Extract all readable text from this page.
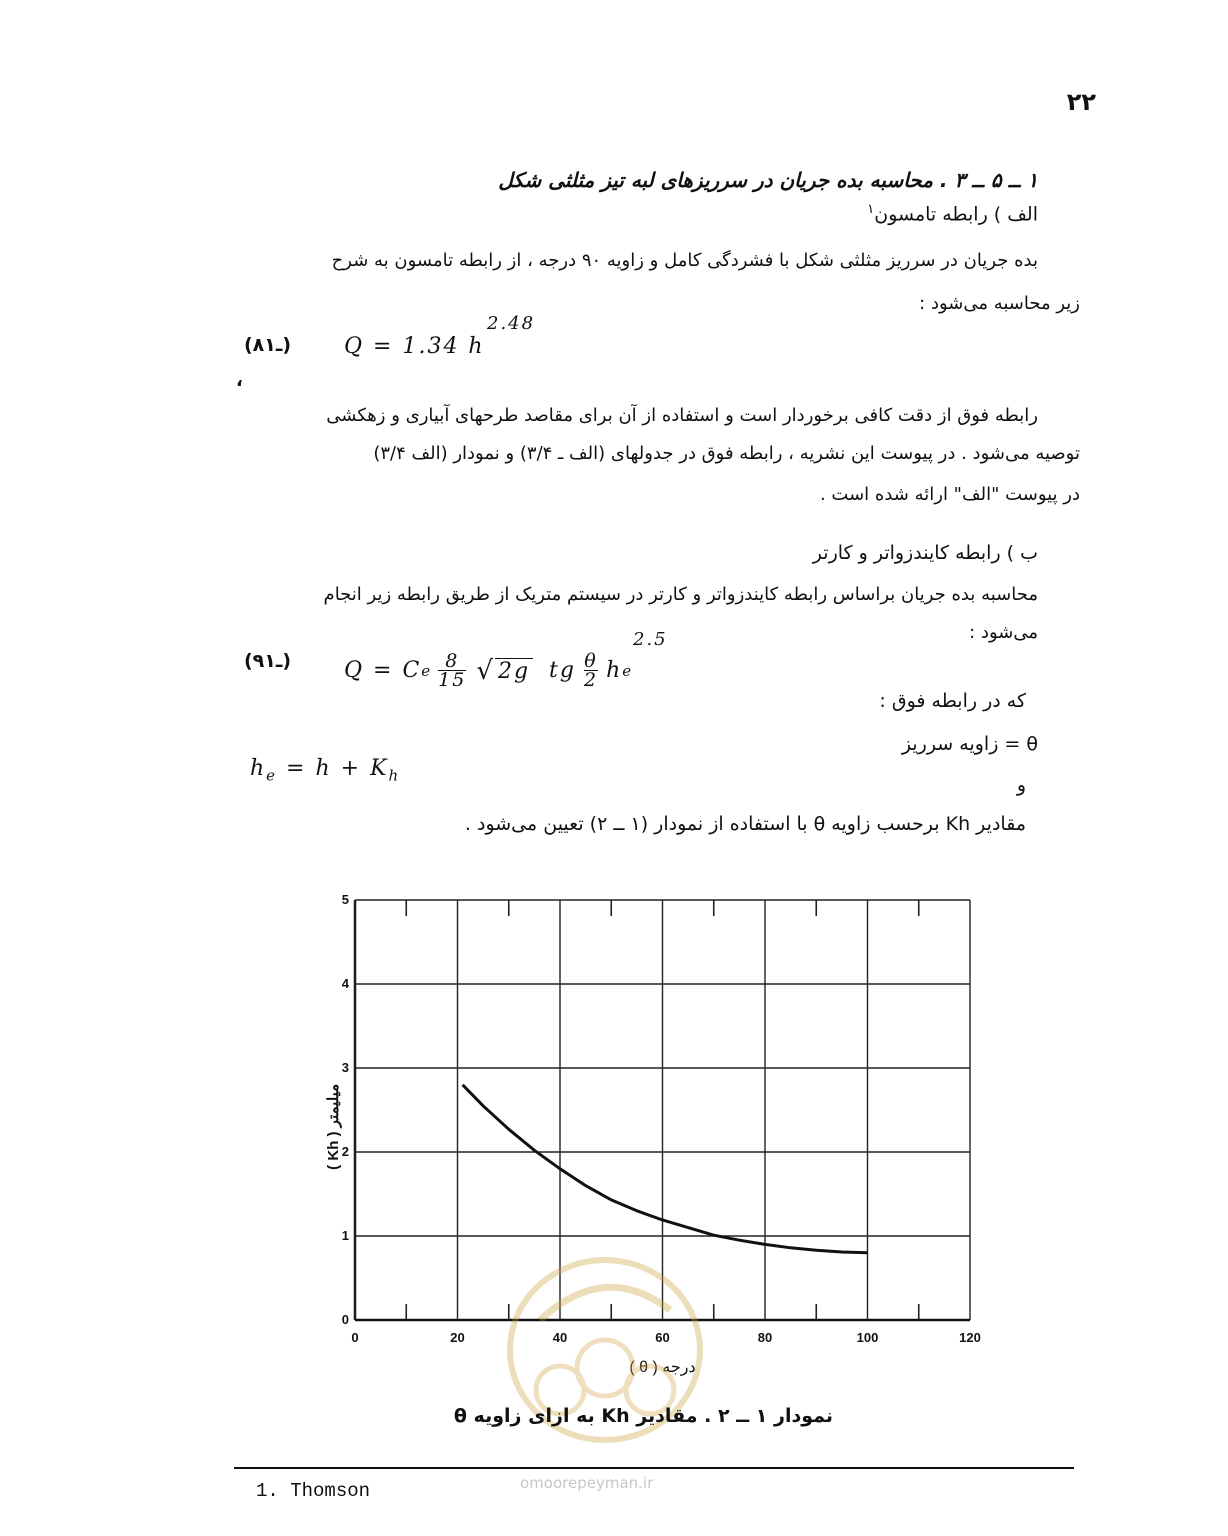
۲۲
۱ ــ ۵ ــ ۳ . محاسبه بده جریان در سرریزهای لبه تیز مثلثی شکل
الف ) رابطه تامسون$^۱$
بده جریان در سرریز مثلثی شکل با فشردگی کامل و زاویه ۹۰ درجه ، از رابطه تامسون به شرح
زیر محاسبه می‌شود :
(۸ـ۱) Q = 1.34 h
2.48
،
رابطه فوق از دقت کافی برخوردار است و استفاده از آن برای مقاصد طرحهای آبیاری و زهکشی
توصیه می‌شود . در پیوست این نشریه ، رابطه فوق در جدولهای (الف ـ ۳/۴) و نمودار (الف ۳/۴)
در پیوست "الف" ارائه شده است .
ب ) رابطه کایندزواتر و کارتر
محاسبه بده جریان براساس رابطه کایندزواتر و کارتر در سیستم متریک از طریق رابطه زیر انجام
می‌شود :
(۹ـ۱) Q = C e $\frac{8}{15}$ √ 2g tg $\frac{\theta}{2}$ h e
2.5
که در رابطه فوق :
θ = زاویه سرریز
$h_e = h + K_h$	و
مقادیر Kh برحسب زاویه θ با استفاده از نمودار (۱ ــ ۲) تعیین می‌شود .
0	20	40	60	80	100	120
0
1
2
3
4
5
درجه ( θ )
میلیمتر ( Kh )
نمودار ۱ ــ ۲ . مقادیر Kh به ازای زاویه θ
1. Thomson	omoorepeyman.ir
